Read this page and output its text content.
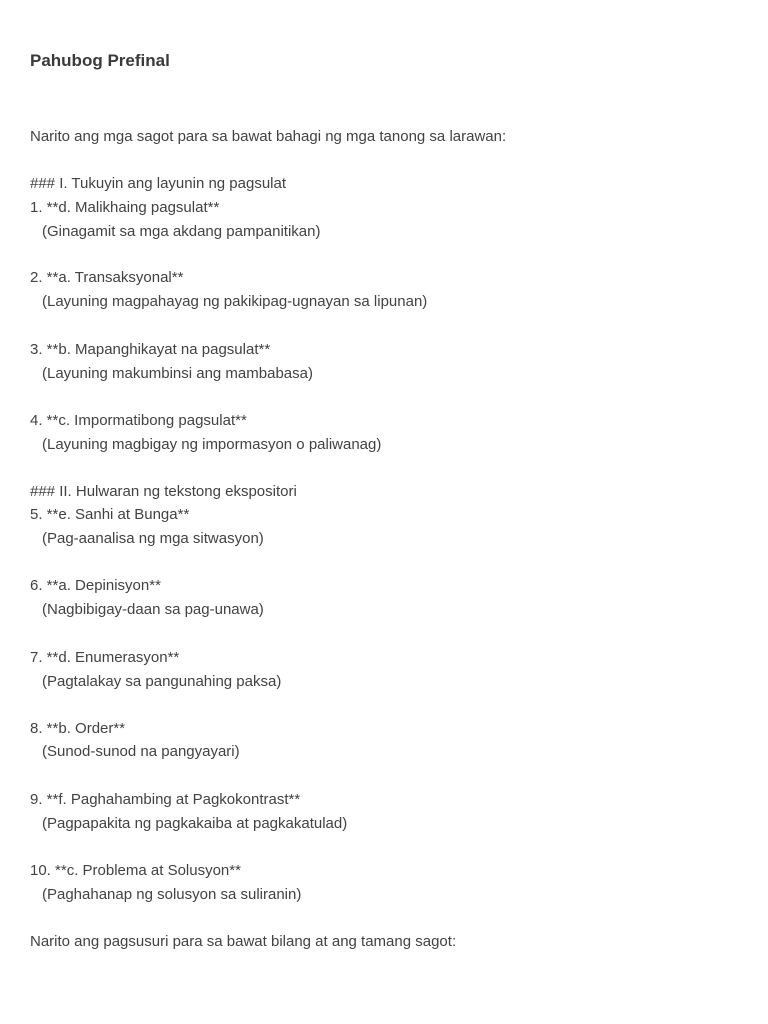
Pahubog Prefinal
Narito ang mga sagot para sa bawat bahagi ng mga tanong sa larawan:
### I. Tukuyin ang layunin ng pagsulat
1. **d. Malikhaing pagsulat**
(Ginagamit sa mga akdang pampanitikan)
2. **a. Transaksyonal**
(Layuning magpahayag ng pakikipag-ugnayan sa lipunan)
3. **b. Mapanghikayat na pagsulat**
(Layuning makumbinsi ang mambabasa)
4. **c. Impormatibong pagsulat**
(Layuning magbigay ng impormasyon o paliwanag)
### II. Hulwaran ng tekstong ekspositori
5. **e. Sanhi at Bunga**
(Pag-aanalisa ng mga sitwasyon)
6. **a. Depinisyon**
(Nagbibigay-daan sa pag-unawa)
7. **d. Enumerasyon**
(Pagtalakay sa pangunahing paksa)
8. **b. Order**
(Sunod-sunod na pangyayari)
9. **f. Paghahambing at Pagkokontrast**
(Pagpapakita ng pagkakaiba at pagkakatulad)
10. **c. Problema at Solusyon**
(Paghahanap ng solusyon sa suliranin)
Narito ang pagsusuri para sa bawat bilang at ang tamang sagot:
